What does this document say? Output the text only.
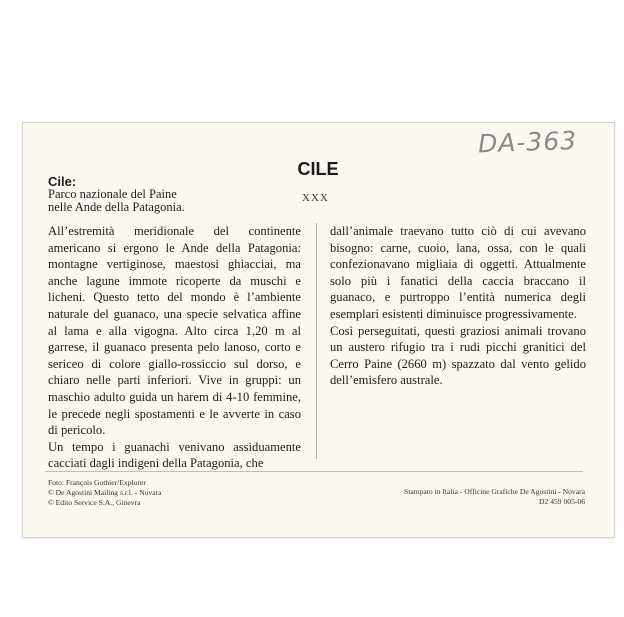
DA-363
CILE
XXX
Cile:
Parco nazionale del Paine
nelle Ande della Patagonia.

All’estremità meridionale del continente americano si ergono le Ande della Patagonia: montagne vertiginose, maestosi ghiacciai, ma anche lagune immote ricoperte da muschi e licheni. Questo tetto del mondo è l’ambiente naturale del guanaco, una specie selvatica affine al lama e alla vigogna. Alto circa 1,20 m al garrese, il guanaco presenta pelo lanoso, corto e sericeo di colore giallo-rossiccio sul dorso, e chiaro nelle parti inferiori. Vive in gruppi: un maschio adulto guida un harem di 4-10 femmine, le precede negli spostamenti e le avverte in caso di pericolo.

Un tempo i guanachi venivano assiduamente cacciati dagli indigeni della Patagonia, che

dall’animale traevano tutto ciò di cui avevano bisogno: carne, cuoio, lana, ossa, con le quali confezionavano migliaia di oggetti. Attualmente solo più i fanatici della caccia braccano il guanaco, e purtroppo l’entità numerica degli esemplari esistenti diminuisce progressivamente.

Così perseguitati, questi graziosi animali trovano un austero rifugio tra i rudi picchi granitici del Cerro Paine (2660 m) spazzato dal vento gelido dell’emisfero australe.

Foto: François Gothier/Explorer
© De Agostini Mailing s.r.l. - Novara
© Edito Service S.A., Ginevra
Stampato in Italia - Officine Grafiche De Agostini - Novara
D2 459 005-06
